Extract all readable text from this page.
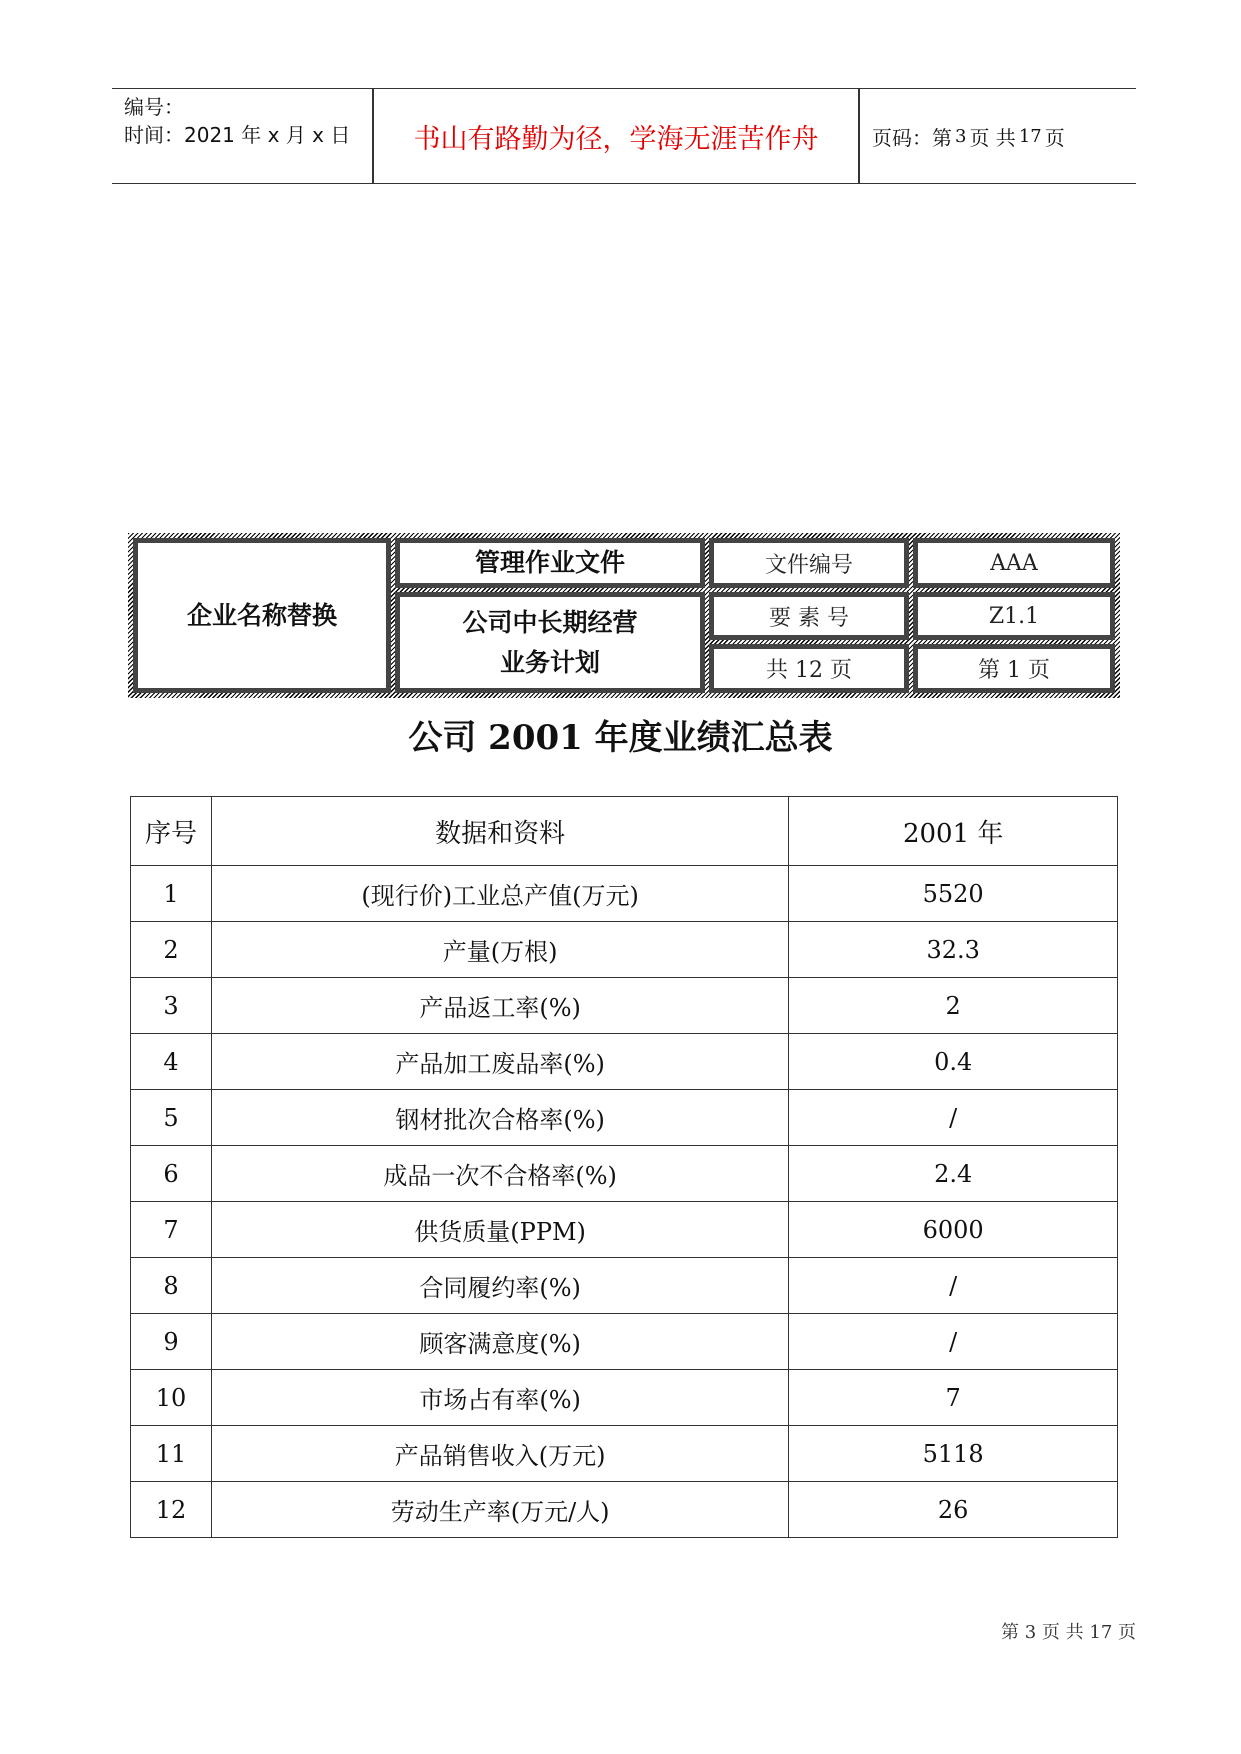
编号：
时间：2021 年 x 月 x 日	书山有路勤为径，学海无涯苦作舟	页码：第 3 页 共 17 页
企业名称替换
管理作业文件
公司中长期经营
业务计划
文件编号	AAA
要 素 号	Z1.1
共 12 页	第 1 页
公司 2001 年度业绩汇总表
序号	数据和资料	2001 年
1	(现行价)工业总产值(万元)	5520
2	产量(万根)	32.3
3	产品返工率(%)	2
4	产品加工废品率(%)	0.4
5	钢材批次合格率(%)	/
6	成品一次不合格率(%)	2.4
7	供货质量(PPM)	6000
8	合同履约率(%)	/
9	顾客满意度(%)	/
10	市场占有率(%)	7
11	产品销售收入(万元)	5118
12	劳动生产率(万元/人)	26
第 3 页 共 17 页
